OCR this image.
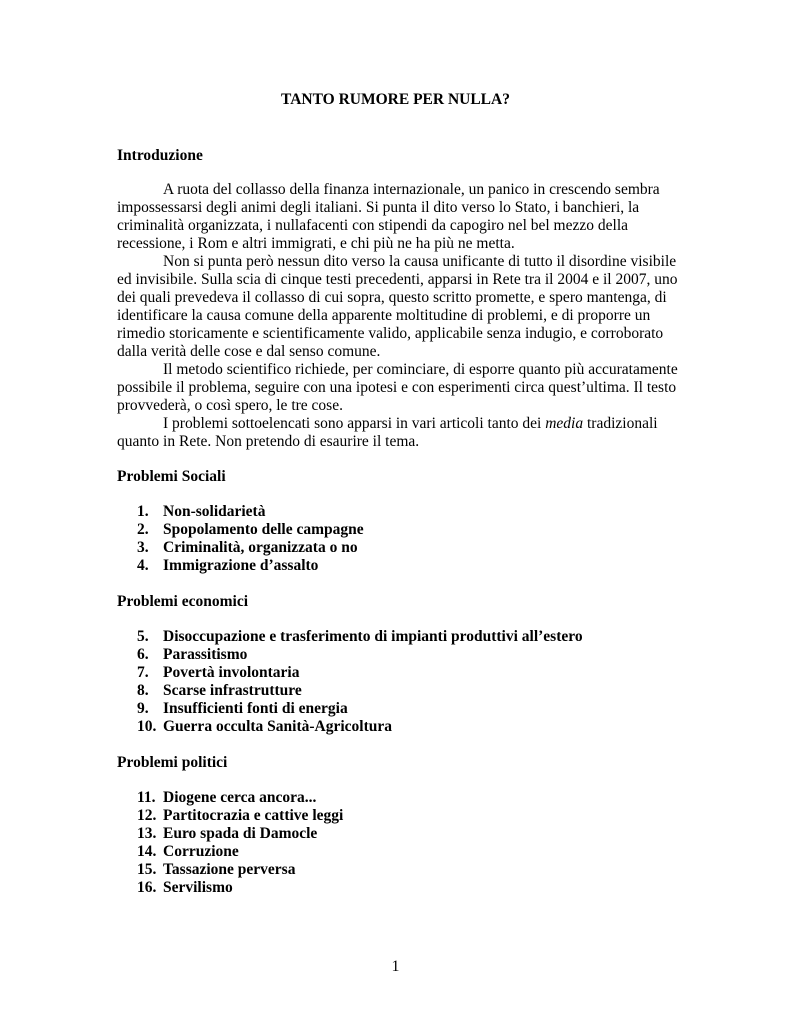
TANTO RUMORE PER NULLA?
Introduzione

A ruota del collasso della finanza internazionale, un panico in crescendo sembra impossessarsi degli animi degli italiani. Si punta il dito verso lo Stato, i banchieri, la criminalità organizzata, i nullafacenti con stipendi da capogiro nel bel mezzo della recessione, i Rom e altri immigrati, e chi più ne ha più ne metta.

Non si punta però nessun dito verso la causa unificante di tutto il disordine visibile ed invisibile. Sulla scia di cinque testi precedenti, apparsi in Rete tra il 2004 e il 2007, uno dei quali prevedeva il collasso di cui sopra, questo scritto promette, e spero mantenga, di identificare la causa comune della apparente moltitudine di problemi, e di proporre un rimedio storicamente e scientificamente valido, applicabile senza indugio, e corroborato dalla verità delle cose e dal senso comune.

Il metodo scientifico richiede, per cominciare, di esporre quanto più accuratamente possibile il problema, seguire con una ipotesi e con esperimenti circa quest’ultima. Il testo provvederà, o così spero, le tre cose.

I problemi sottoelencati sono apparsi in vari articoli tanto dei media tradizionali quanto in Rete. Non pretendo di esaurire il tema.

Problemi Sociali
1. Non-solidarietà
2. Spopolamento delle campagne
3. Criminalità, organizzata o no
4. Immigrazione d’assalto
Problemi economici
5. Disoccupazione e trasferimento di impianti produttivi all’estero
6. Parassitismo
7. Povertà involontaria
8. Scarse infrastrutture
9. Insufficienti fonti di energia
10. Guerra occulta Sanità-Agricoltura
Problemi politici
11. Diogene cerca ancora...
12. Partitocrazia e cattive leggi
13. Euro spada di Damocle
14. Corruzione
15. Tassazione perversa
16. Servilismo
1
